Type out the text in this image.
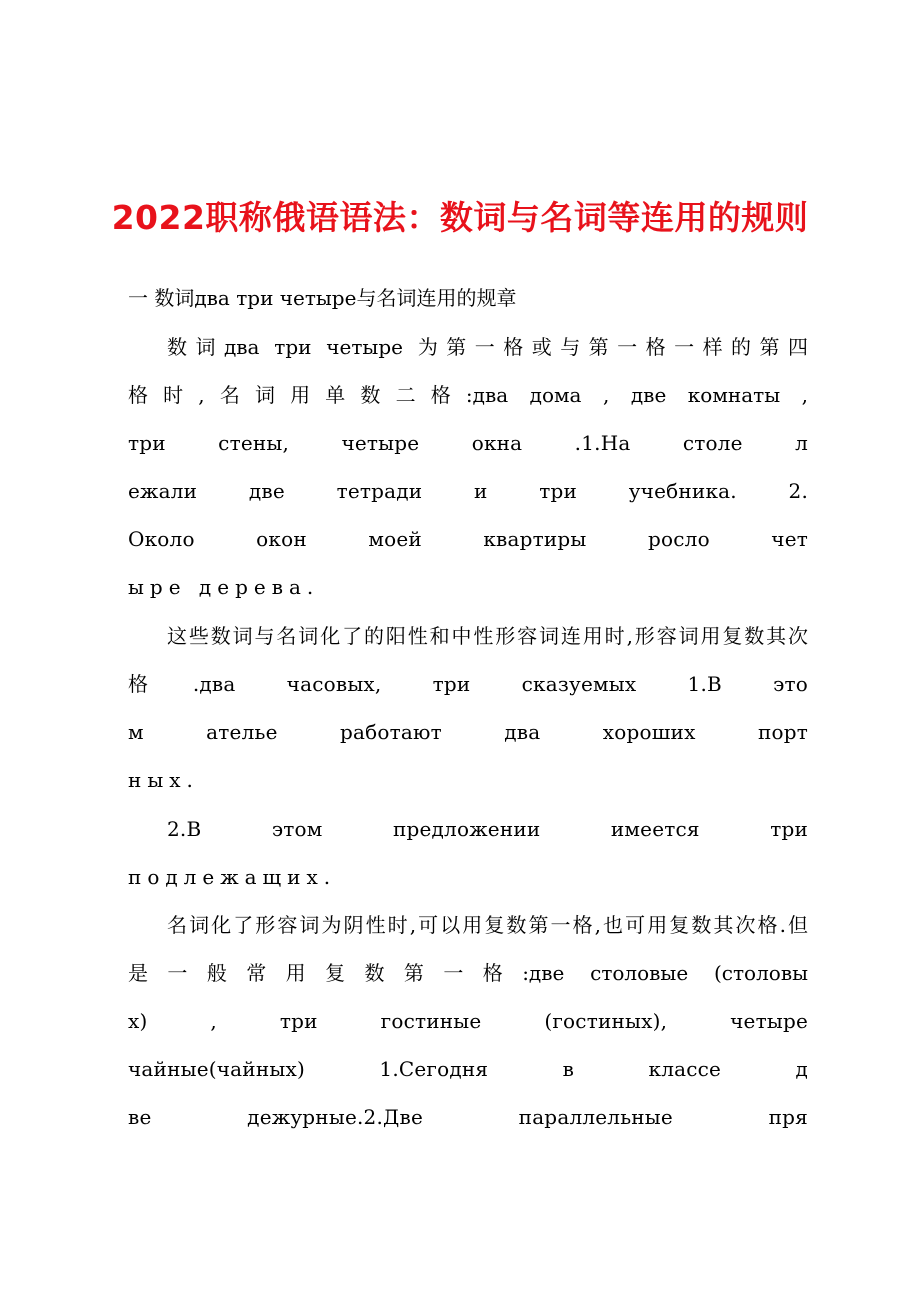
2022职称俄语语法：数词与名词等连用的规则
一 数词два три четыре与名词连用的规章
数词два три четыре 为第一格或与第一格一样的第四
格时,名词用单数二格:два дома , две комнаты ,
три стены, четыре окна .1.На столе л
ежали две тетради и три учебника. 2.
Около окон моей квартиры росло чет
ыре дерева.
这些数词与名词化了的阳性和中性形容词连用时,形容词用复数其次
格.два часовых, три сказуемых 1.В это
м ателье работают два хороших порт
ных.
2.В этом предложении имеется три
подлежащих.
名词化了形容词为阴性时,可以用复数第一格,也可用复数其次格.但
是一般常用复数第一格:две столовые (столовы
х) , три гостиные (гостиных), четыре
чайные(чайных) 1.Сегодня в классе д
ве дежурные.2.Две параллельные пря
